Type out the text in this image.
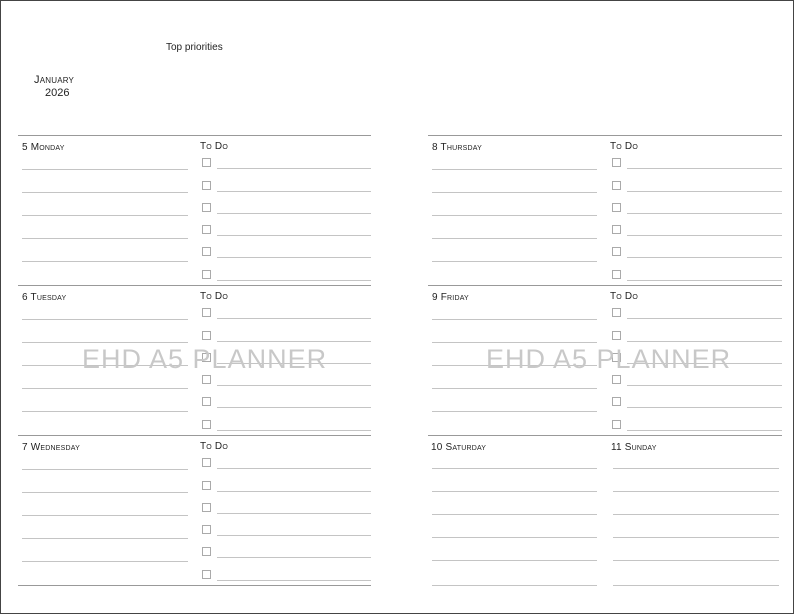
Top priorities
January
2026
5 Monday	To Do
6 Tuesday	To Do
7 Wednesday	To Do
8 Thursday	To Do
9 Friday	To Do
10 Saturday	11 Sunday
EHD A5 PLANNER	EHD A5 PLANNER
